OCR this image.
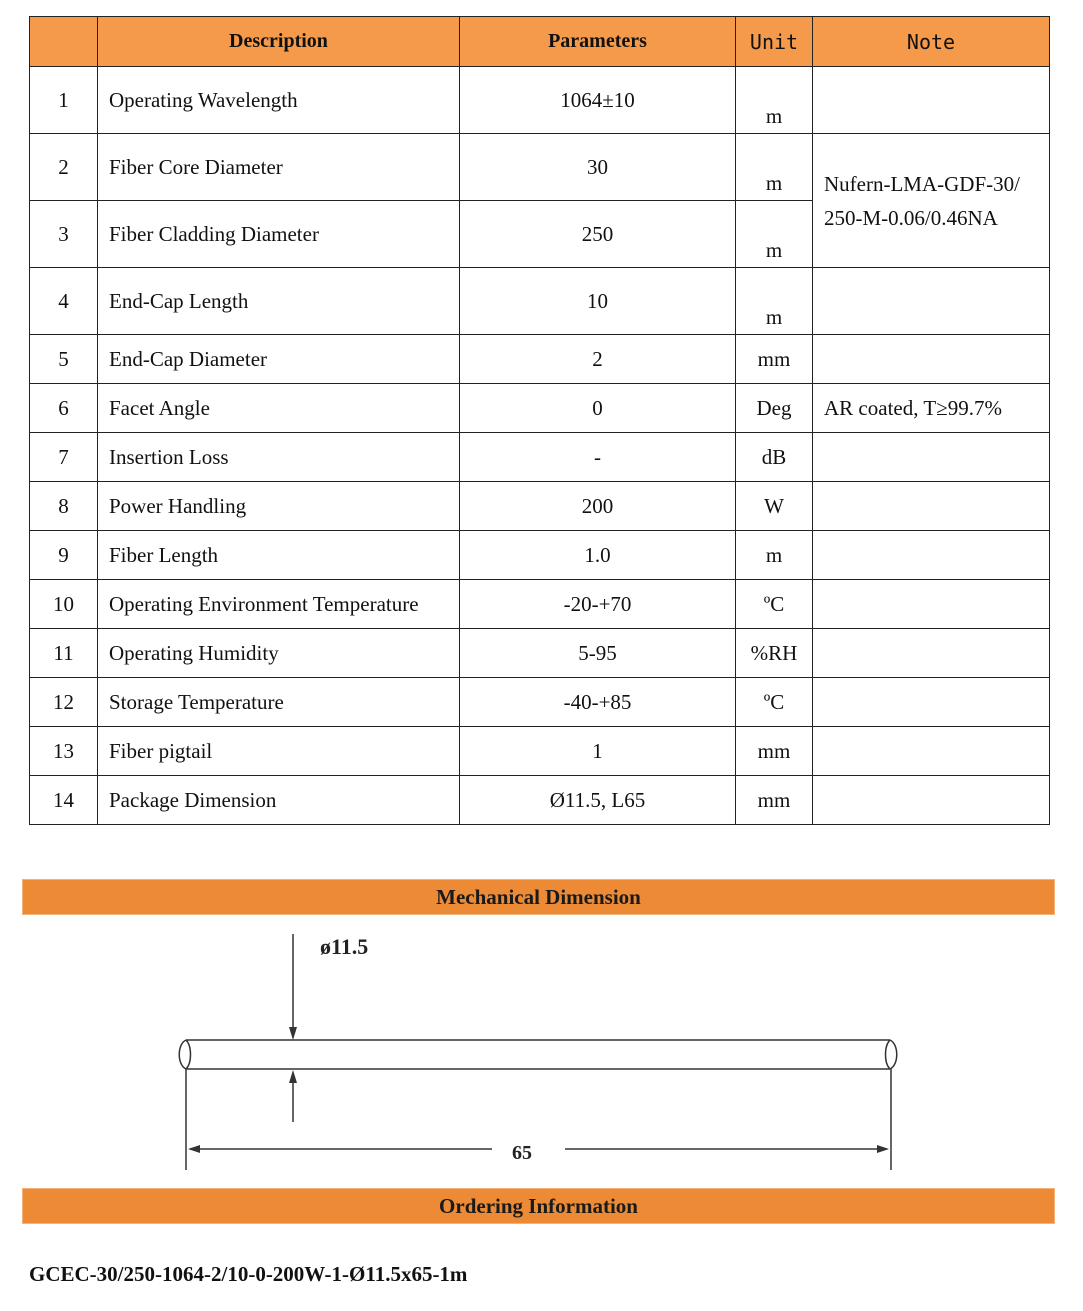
	Description	Parameters	Unit	Note
1	Operating Wavelength	1064±10	m	
2	Fiber Core Diameter	30	m	Nufern-LMA-GDF-30/
250-M-0.06/0.46NA

3	Fiber Cladding Diameter	250	m	
4	End-Cap Length	10	m	
5	End-Cap Diameter	2	mm	
6	Facet Angle	0	Deg	AR coated, T≥99.7%
7	Insertion Loss	-	dB	
8	Power Handling	200	W	
9	Fiber Length	1.0	m	
10	Operating Environment Temperature	-20-+70	ºC	
11	Operating Humidity	5-95	%RH	
12	Storage Temperature	-40-+85	ºC	
13	Fiber pigtail	1	mm	
14	Package Dimension	Ø11.5, L65	mm	
Mechanical Dimension
ø11.5
65
Ordering Information
GCEC-30/250-1064-2/10-0-200W-1-Ø11.5x65-1m
